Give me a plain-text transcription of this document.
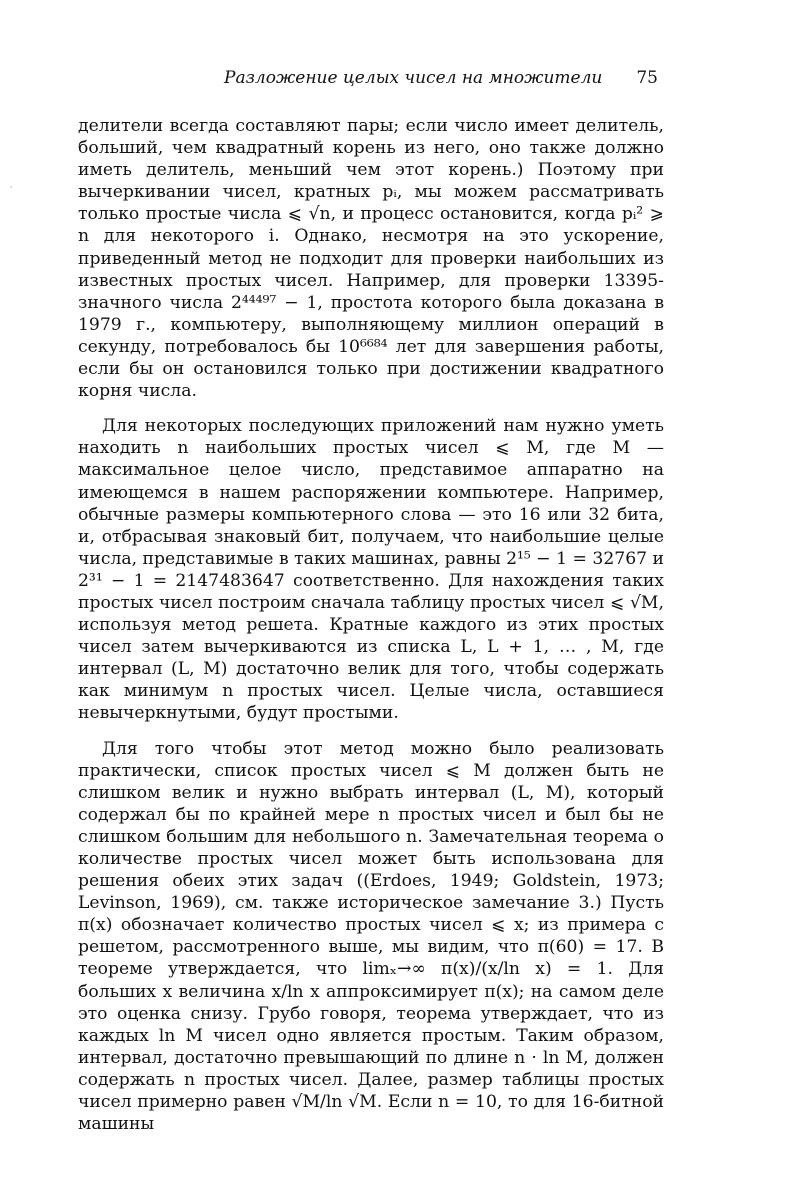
·
Разложение целых чисел на множители 75

делители всегда составляют пары; если число имеет делитель, больший, чем квадратный корень из него, оно также должно иметь делитель, меньший чем этот корень.) Поэтому при вычеркивании чисел, кратных pᵢ, мы можем рассматривать только простые числа ⩽ √n, и процесс остановится, когда pᵢ² ⩾ n для некоторого i. Однако, несмотря на это ускорение, приведенный метод не подходит для проверки наибольших из известных простых чисел. Например, для проверки 13395-значного числа 2⁴⁴⁴⁹⁷ − 1, простота которого была доказана в 1979 г., компьютеру, выполняющему миллион операций в секунду, потребовалось бы 10⁶⁶⁸⁴ лет для завершения работы, если бы он остановился только при достижении квадратного корня числа.

Для некоторых последующих приложений нам нужно уметь находить n наибольших простых чисел ⩽ M, где M — максимальное целое число, представимое аппаратно на имеющемся в нашем распоряжении компьютере. Например, обычные размеры компьютерного слова — это 16 или 32 бита, и, отбрасывая знаковый бит, получаем, что наибольшие целые числа, представимые в таких машинах, равны 2¹⁵ − 1 = 32767 и 2³¹ − 1 = 2147483647 соответственно. Для нахождения таких простых чисел построим сначала таблицу простых чисел ⩽ √M, используя метод решета. Кратные каждого из этих простых чисел затем вычеркиваются из списка L, L + 1, … , M, где интервал (L, M) достаточно велик для того, чтобы содержать как минимум n простых чисел. Целые числа, оставшиеся невычеркнутыми, будут простыми.

Для того чтобы этот метод можно было реализовать практически, список простых чисел ⩽ M должен быть не слишком велик и нужно выбрать интервал (L, M), который содержал бы по крайней мере n простых чисел и был бы не слишком большим для небольшого n. Замечательная теорема о количестве простых чисел может быть использована для решения обеих этих задач ((Erdoes, 1949; Goldstein, 1973; Levinson, 1969), см. также историческое замечание 3.) Пусть π(x) обозначает количество простых чисел ⩽ x; из примера с решетом, рассмотренного выше, мы видим, что π(60) = 17. В теореме утверждается, что limₓ→∞ π(x)/(x/ln x) = 1. Для больших x величина x/ln x аппроксимирует π(x); на самом деле это оценка снизу. Грубо говоря, теорема утверждает, что из каждых ln M чисел одно является простым. Таким образом, интервал, достаточно превышающий по длине n · ln M, должен содержать n простых чисел. Далее, размер таблицы простых чисел примерно равен √M/ln √M. Если n = 10, то для 16-битной машины
